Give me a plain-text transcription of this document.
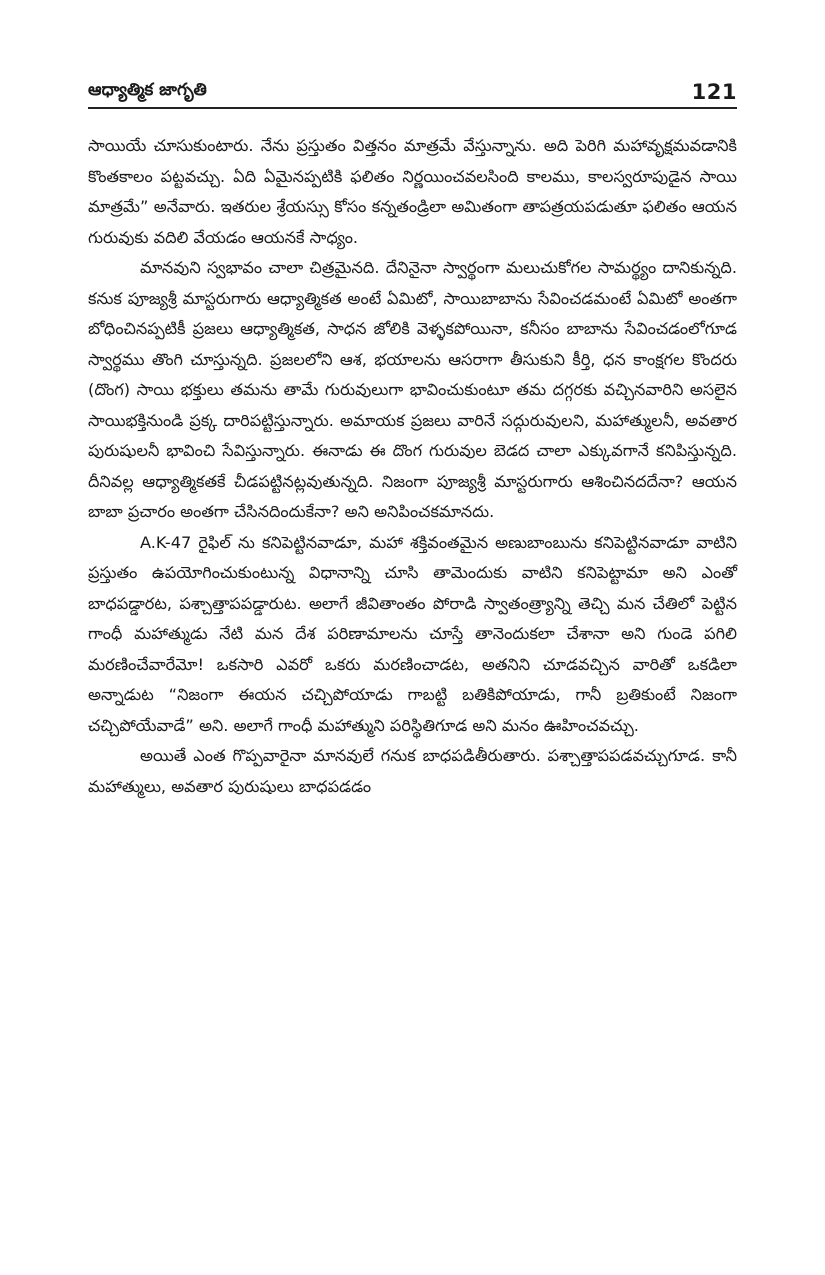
ఆధ్యాత్మిక జాగృతి	121

సాయియే చూసుకుంటారు. నేను ప్రస్తుతం విత్తనం మాత్రమే వేస్తున్నాను. అది పెరిగి మహావృక్షమవడానికి కొంతకాలం పట్టవచ్చు. ఏది ఏమైనప్పటికి ఫలితం నిర్ణయించవలసింది కాలము, కాలస్వరూపుడైన సాయి మాత్రమే” అనేవారు. ఇతరుల శ్రేయస్సు కోసం కన్నతండ్రిలా అమితంగా తాపత్రయపడుతూ ఫలితం ఆయన గురువుకు వదిలి వేయడం ఆయనకే సాధ్యం.

మానవుని స్వభావం చాలా చిత్రమైనది. దేనినైనా స్వార్థంగా మలుచుకోగల సామర్థ్యం దానికున్నది. కనుక పూజ్యశ్రీ మాస్టరుగారు ఆధ్యాత్మికత అంటే ఏమిటో, సాయిబాబాను సేవించడమంటే ఏమిటో అంతగా బోధించినప్పటికీ ప్రజలు ఆధ్యాత్మికత, సాధన జోలికి వెళ్ళకపోయినా, కనీసం బాబాను సేవించడంలోగూడ స్వార్థము తొంగి చూస్తున్నది. ప్రజలలోని ఆశ, భయాలను ఆసరాగా తీసుకుని కీర్తి, ధన కాంక్షగల కొందరు (దొంగ) సాయి భక్తులు తమను తామే గురువులుగా భావించుకుంటూ తమ దగ్గరకు వచ్చినవారిని అసలైన సాయిభక్తినుండి ప్రక్క దారిపట్టిస్తున్నారు. అమాయక ప్రజలు వారినే సద్గురువులని, మహాత్ములనీ, అవతార పురుషులనీ భావించి సేవిస్తున్నారు. ఈనాడు ఈ దొంగ గురువుల బెడద చాలా ఎక్కువగానే కనిపిస్తున్నది. దీనివల్ల ఆధ్యాత్మికతకే చీడపట్టినట్లవుతున్నది. నిజంగా పూజ్యశ్రీ మాస్టరుగారు ఆశించినదదేనా? ఆయన బాబా ప్రచారం అంతగా చేసినదిందుకేనా? అని అనిపించకమానదు.

A.K-47 రైఫిల్ ను కనిపెట్టినవాడూ, మహా శక్తివంతమైన అణుబాంబును కనిపెట్టినవాడూ వాటిని ప్రస్తుతం ఉపయోగించుకుంటున్న విధానాన్ని చూసి తామెందుకు వాటిని కనిపెట్టామా అని ఎంతో బాధపడ్డారట, పశ్చాత్తాపపడ్డారుట. అలాగే జీవితాంతం పోరాడి స్వాతంత్ర్యాన్ని తెచ్చి మన చేతిలో పెట్టిన గాంధీ మహాత్ముడు నేటి మన దేశ పరిణామాలను చూస్తే తానెందుకలా చేశానా అని గుండె పగిలి మరణించేవారేమో! ఒకసారి ఎవరో ఒకరు మరణించాడట, అతనిని చూడవచ్చిన వారితో ఒకడిలా అన్నాడుట “నిజంగా ఈయన చచ్చిపోయాడు గాబట్టి బతికిపోయాడు, గానీ బ్రతికుంటే నిజంగా చచ్చిపోయేవాడే” అని. అలాగే గాంధీ మహాత్ముని పరిస్థితిగూడ అని మనం ఊహించవచ్చు.

అయితే ఎంత గొప్పవారైనా మానవులే గనుక బాధపడితీరుతారు. పశ్చాత్తాపపడవచ్చుగూడ. కానీ మహాత్ములు, అవతార పురుషులు బాధపడడం
